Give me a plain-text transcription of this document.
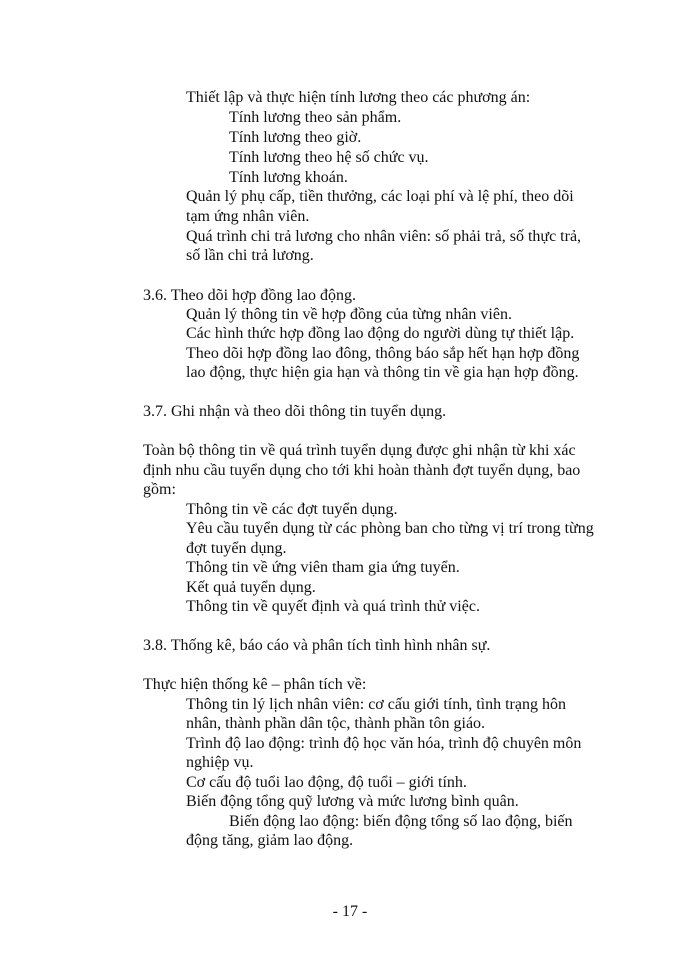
Thiết lập và thực hiện tính lương theo các phương án:
Tính lương theo sản phẩm.
Tính lương theo giờ.
Tính lương theo hệ số chức vụ.
Tính lương khoán.
Quản lý phụ cấp, tiền thưởng, các loại phí và lệ phí, theo dõi
tạm ứng nhân viên.
Quá trình chi trả lương cho nhân viên: số phải trả, số thực trả,
số lần chi trả lương.
3.6. Theo dõi hợp đồng lao động.
Quản lý thông tin về hợp đồng của từng nhân viên.
Các hình thức hợp đồng lao động do người dùng tự thiết lập.
Theo dõi hợp đồng lao đông, thông báo sắp hết hạn hợp đồng
lao động, thực hiện gia hạn và thông tin về gia hạn hợp đồng.
3.7. Ghi nhận và theo dõi thông tin tuyển dụng.
Toàn bộ thông tin về quá trình tuyển dụng được ghi nhận từ khi xác
định nhu cầu tuyển dụng cho tới khi hoàn thành đợt tuyển dụng, bao
gồm:
Thông tin về các đợt tuyển dụng.
Yêu cầu tuyển dụng từ các phòng ban cho từng vị trí trong từng
đợt tuyển dụng.
Thông tin về ứng viên tham gia ứng tuyển.
Kết quả tuyển dụng.
Thông tin về quyết định và quá trình thử việc.
3.8. Thống kê, báo cáo và phân tích tình hình nhân sự.
Thực hiện thống kê – phân tích về:
Thông tin lý lịch nhân viên: cơ cấu giới tính, tình trạng hôn
nhân, thành phần dân tộc, thành phần tôn giáo.
Trình độ lao động: trình độ học văn hóa, trình độ chuyên môn
nghiệp vụ.
Cơ cấu độ tuổi lao động, độ tuổi – giới tính.
Biến động tổng quỹ lương và mức lương bình quân.
Biến động lao động: biến động tổng số lao động, biến
động tăng, giảm lao động.
- 17 -
